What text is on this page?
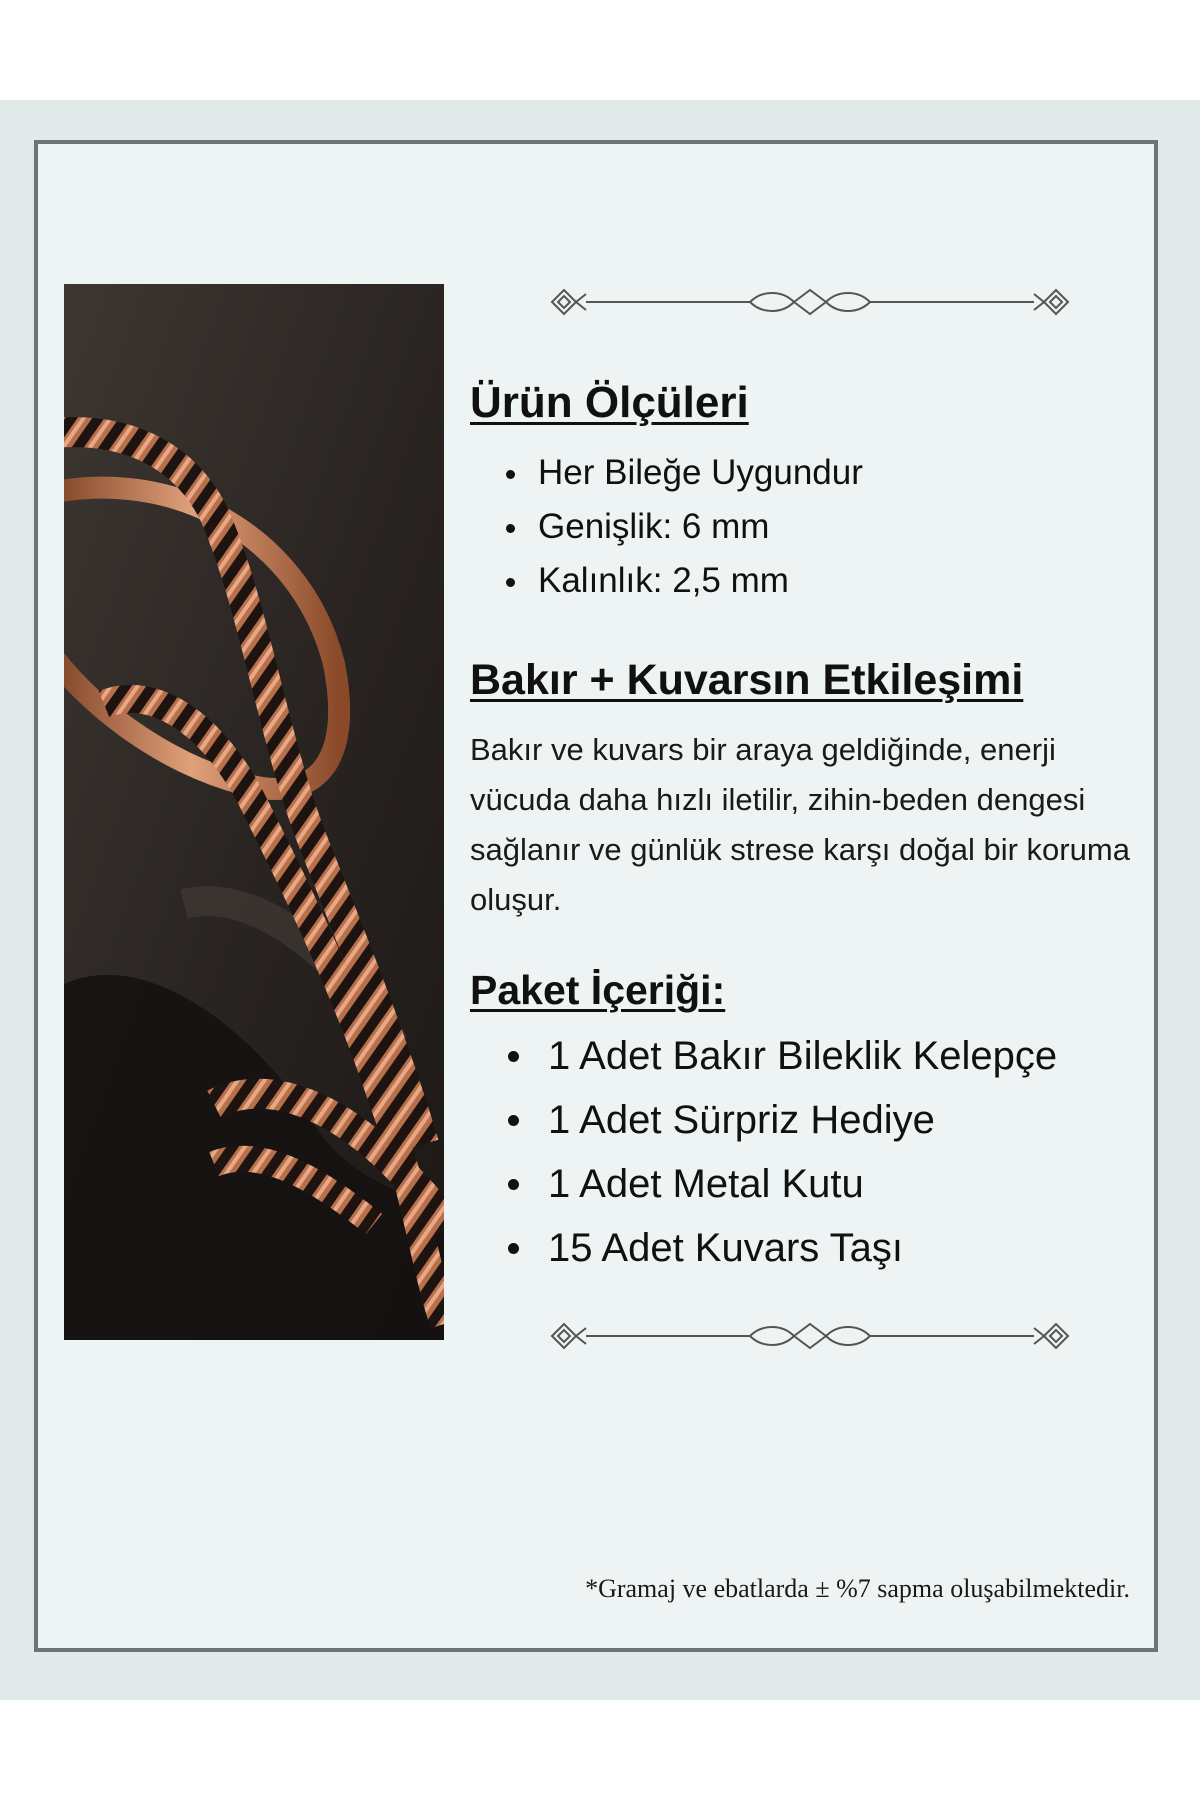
Ürün Ölçüleri
Her Bileğe Uygundur
Genişlik: 6 mm
Kalınlık: 2,5 mm
Bakır + Kuvarsın Etkileşimi

Bakır ve kuvars bir araya geldiğinde, enerji vücuda daha hızlı iletilir, zihin-beden dengesi sağlanır ve günlük strese karşı doğal bir koruma oluşur.

Paket İçeriği:
1 Adet Bakır Bileklik Kelepçe
1 Adet Sürpriz Hediye
1 Adet Metal Kutu
15 Adet Kuvars Taşı
*Gramaj ve ebatlarda ± %7 sapma oluşabilmektedir.
